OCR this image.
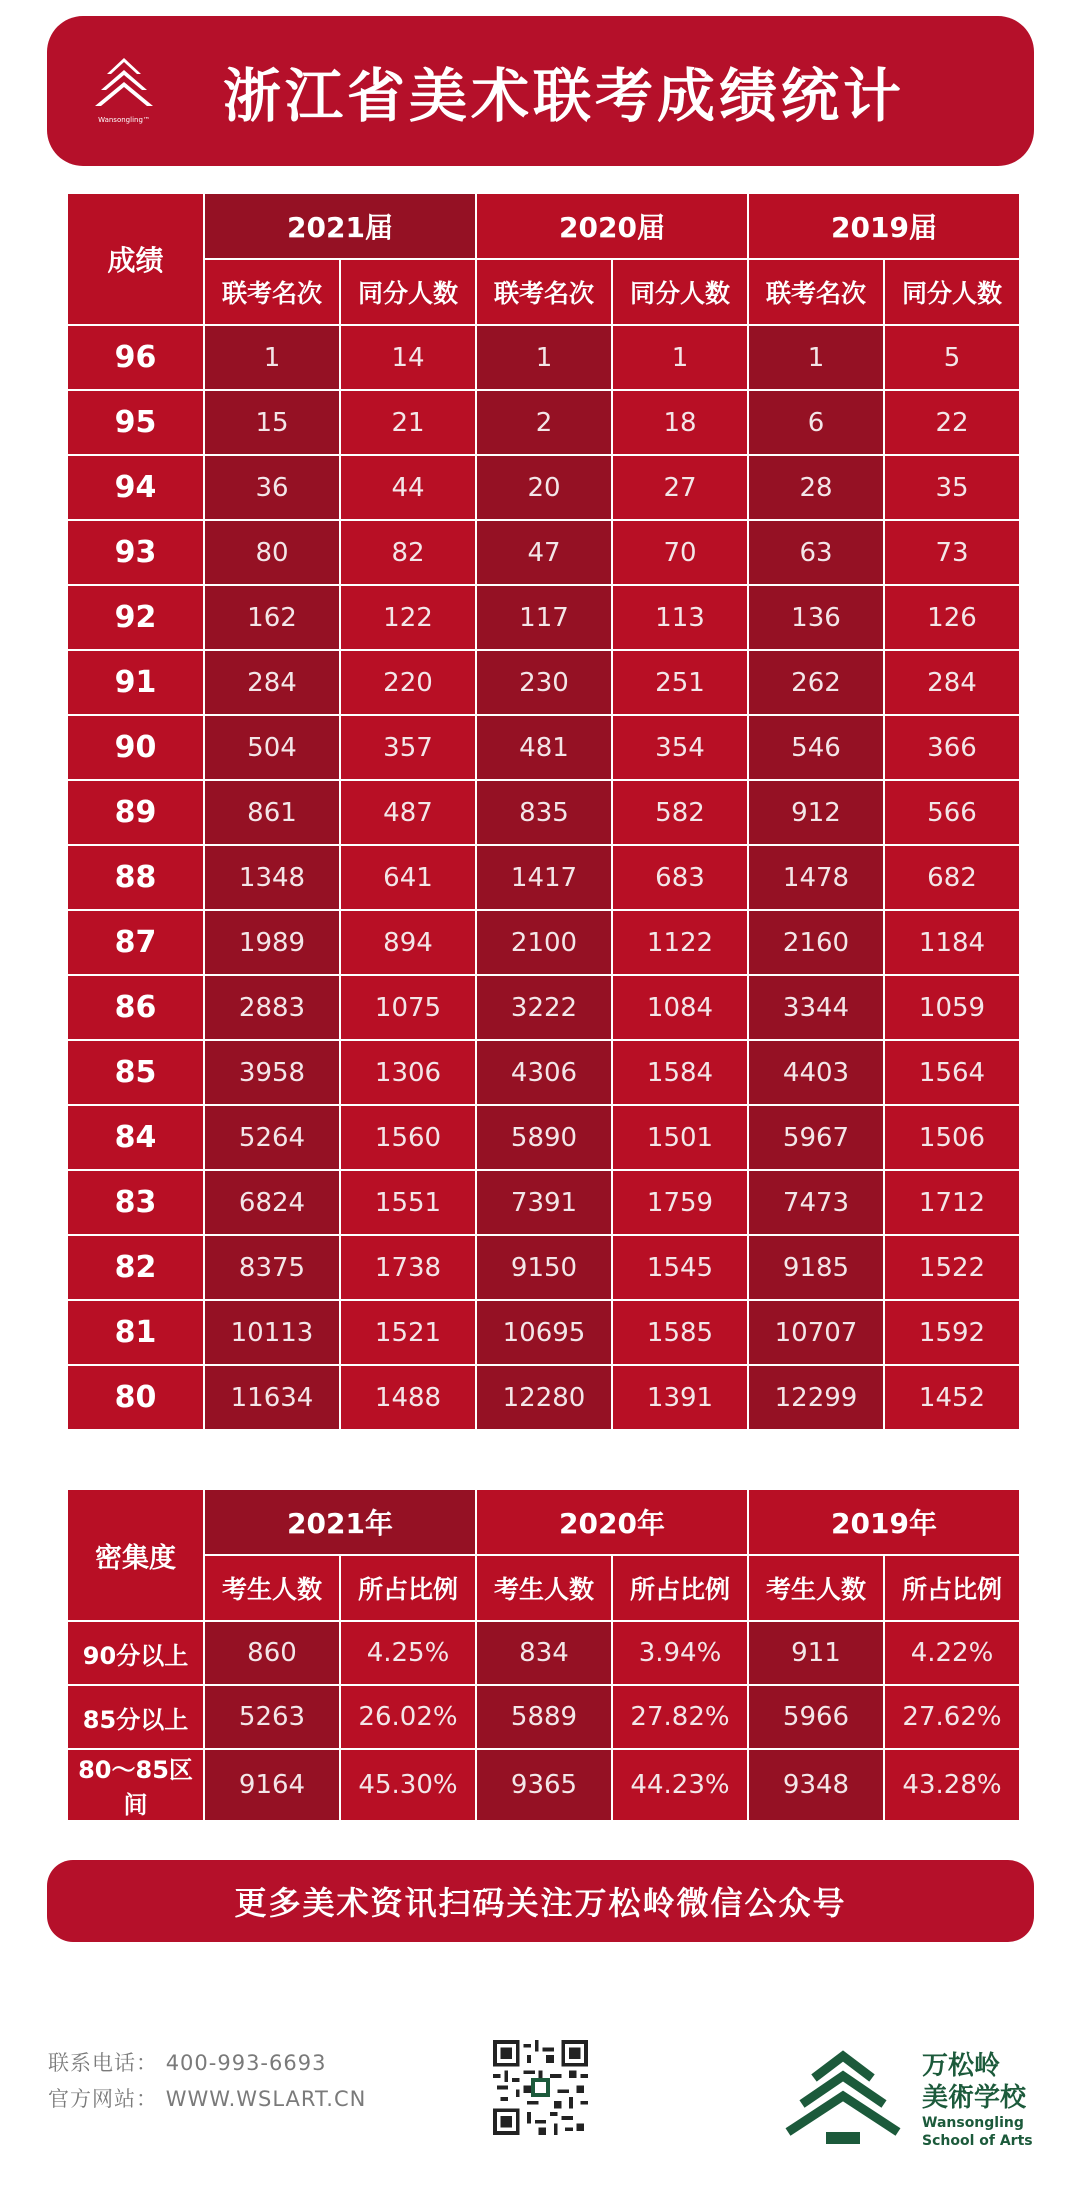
Wansongling™ 浙江省美术联考成绩统计
成绩	2021届		2020届		2019届	
	联考名次	同分人数	联考名次	同分人数	联考名次	同分人数
96	1	14	1	1	1	5
95	15	21	2	18	6	22
94	36	44	20	27	28	35
93	80	82	47	70	63	73
92	162	122	117	113	136	126
91	284	220	230	251	262	284
90	504	357	481	354	546	366
89	861	487	835	582	912	566
88	1348	641	1417	683	1478	682
87	1989	894	2100	1122	2160	1184
86	2883	1075	3222	1084	3344	1059
85	3958	1306	4306	1584	4403	1564
84	5264	1560	5890	1501	5967	1506
83	6824	1551	7391	1759	7473	1712
82	8375	1738	9150	1545	9185	1522
81	10113	1521	10695	1585	10707	1592
80	11634	1488	12280	1391	12299	1452
密集度	2021年		2020年		2019年	
	考生人数	所占比例	考生人数	所占比例	考生人数	所占比例
90分以上	860	4.25%	834	3.94%	911	4.22%
85分以上	5263	26.02%	5889	27.82%	5966	27.62%
80～85区间	9164	45.30%	9365	44.23%	9348	43.28%
更多美术资讯扫码关注万松岭微信公众号
联系电话： 400-993-6693
官方网站： WWW.WSLART.CN
万松岭
美術学校
Wansongling
School of Arts
